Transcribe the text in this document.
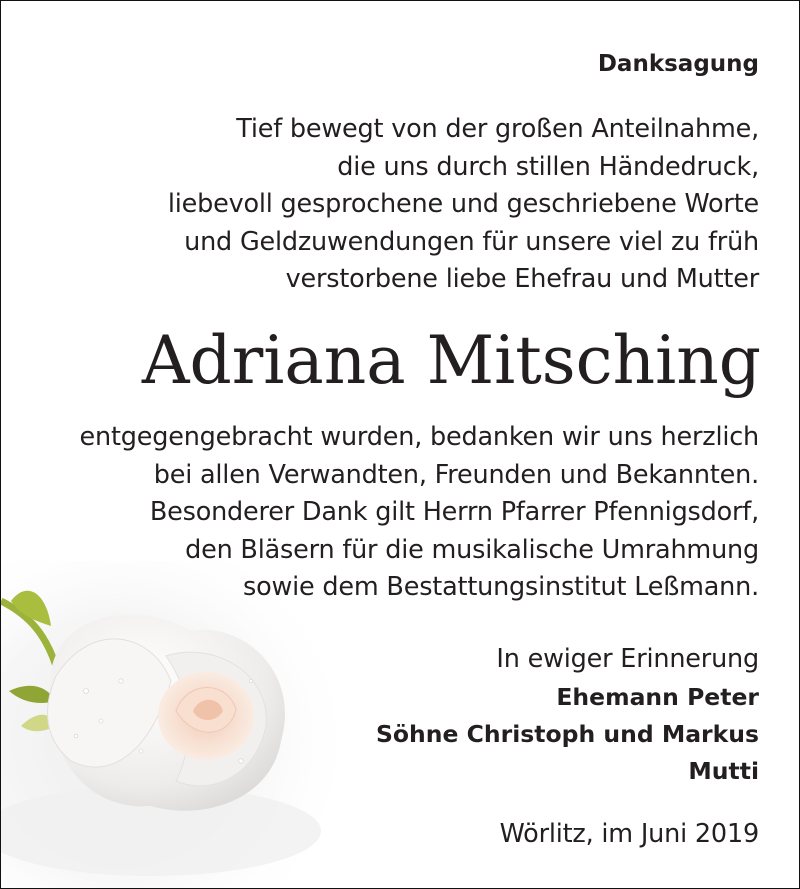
Danksagung
Tief bewegt von der großen Anteilnahme,
die uns durch stillen Händedruck,
liebevoll gesprochene und geschriebene Worte
und Geldzuwendungen für unsere viel zu früh
verstorbene liebe Ehefrau und Mutter
Adriana Mitsching
entgegengebracht wurden, bedanken wir uns herzlich
bei allen Verwandten, Freunden und Bekannten.
Besonderer Dank gilt Herrn Pfarrer Pfennigsdorf,
den Bläsern für die musikalische Umrahmung
sowie dem Bestattungsinstitut Leßmann.
In ewiger Erinnerung
Ehemann Peter
Söhne Christoph und Markus
Mutti
Wörlitz, im Juni 2019
